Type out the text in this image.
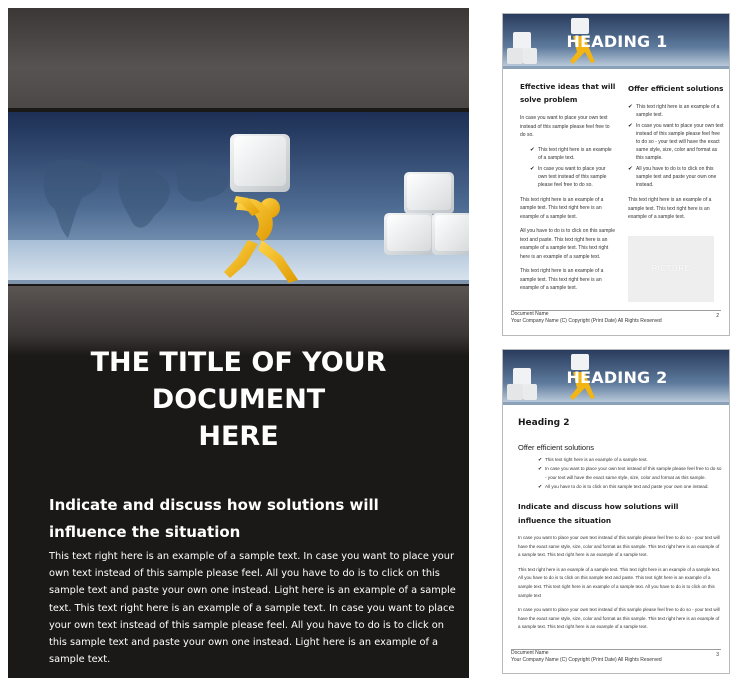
THE TITLE OF YOUR
DOCUMENT
HERE
Indicate and discuss how solutions will influence the situation
This text right here is an example of a sample text. In case you want to place your own text instead of this sample please feel. All you have to do is to click on this sample text and paste your own one instead. Light here is an example of a sample text. This text right here is an example of a sample text. In case you want to place your own text instead of this sample please feel. All you have to do is to click on this sample text and paste your own one instead. Light here is an example of a sample text.
HEADING 1
Effective ideas that will solve problem
In case you want to place your own text instead of this sample please feel free to do so.
✔ This text right here is an example of a sample text.
✔ In case you want to place your own text instead of this sample please feel free to do so.
This text right here is an example of a sample text. This text right here is an example of a sample text.
All you have to do is to click on this sample text and paste. This text right here is an example of a sample text. This text right here is an example of a sample text.
This text right here is an example of a sample text. This text right here is an example of a sample text.
Offer efficient solutions
✔ This text right here is an example of a sample text.
✔ In case you want to place your own text instead of this sample please feel free to do so - your text will have the exact same style, size, color and format as this sample.
✔ All you have to do is to click on this sample text and paste your own one instead.
This text right here is an example of a sample text. This text right here is an example of a sample text.
PICTURE
Document Name
Your Company Name (C) Copyright (Print Date) All Rights Reserved
2
HEADING 2
Heading 2
Offer efficient solutions
✔ This text right here is an example of a sample text.
✔ In case you want to place your own text instead of this sample please feel free to do so - your text will have the exact same style, size, color and format as this sample.
✔ All you have to do is to click on this sample text and paste your own one instead.
Indicate and discuss how solutions will influence the situation
In case you want to place your own text instead of this sample please feel free to do so - your text will have the exact same style, size, color and format as this sample. This text right here is an example of a sample text. This text right here is an example of a sample text.
This text right here is an example of a sample text. This text right here is an example of a sample text. All you have to do is to click on this sample text and paste. This text right here is an example of a sample text. This text right here is an example of a sample text. All you have to do is to click on this sample text
In case you want to place your own text instead of this sample please feel free to do so - your text will have the exact same style, size, color and format as this sample. This text right here is an example of a sample text. This text right here is an example of a sample text.
Document Name
Your Company Name (C) Copyright (Print Date) All Rights Reserved
3
